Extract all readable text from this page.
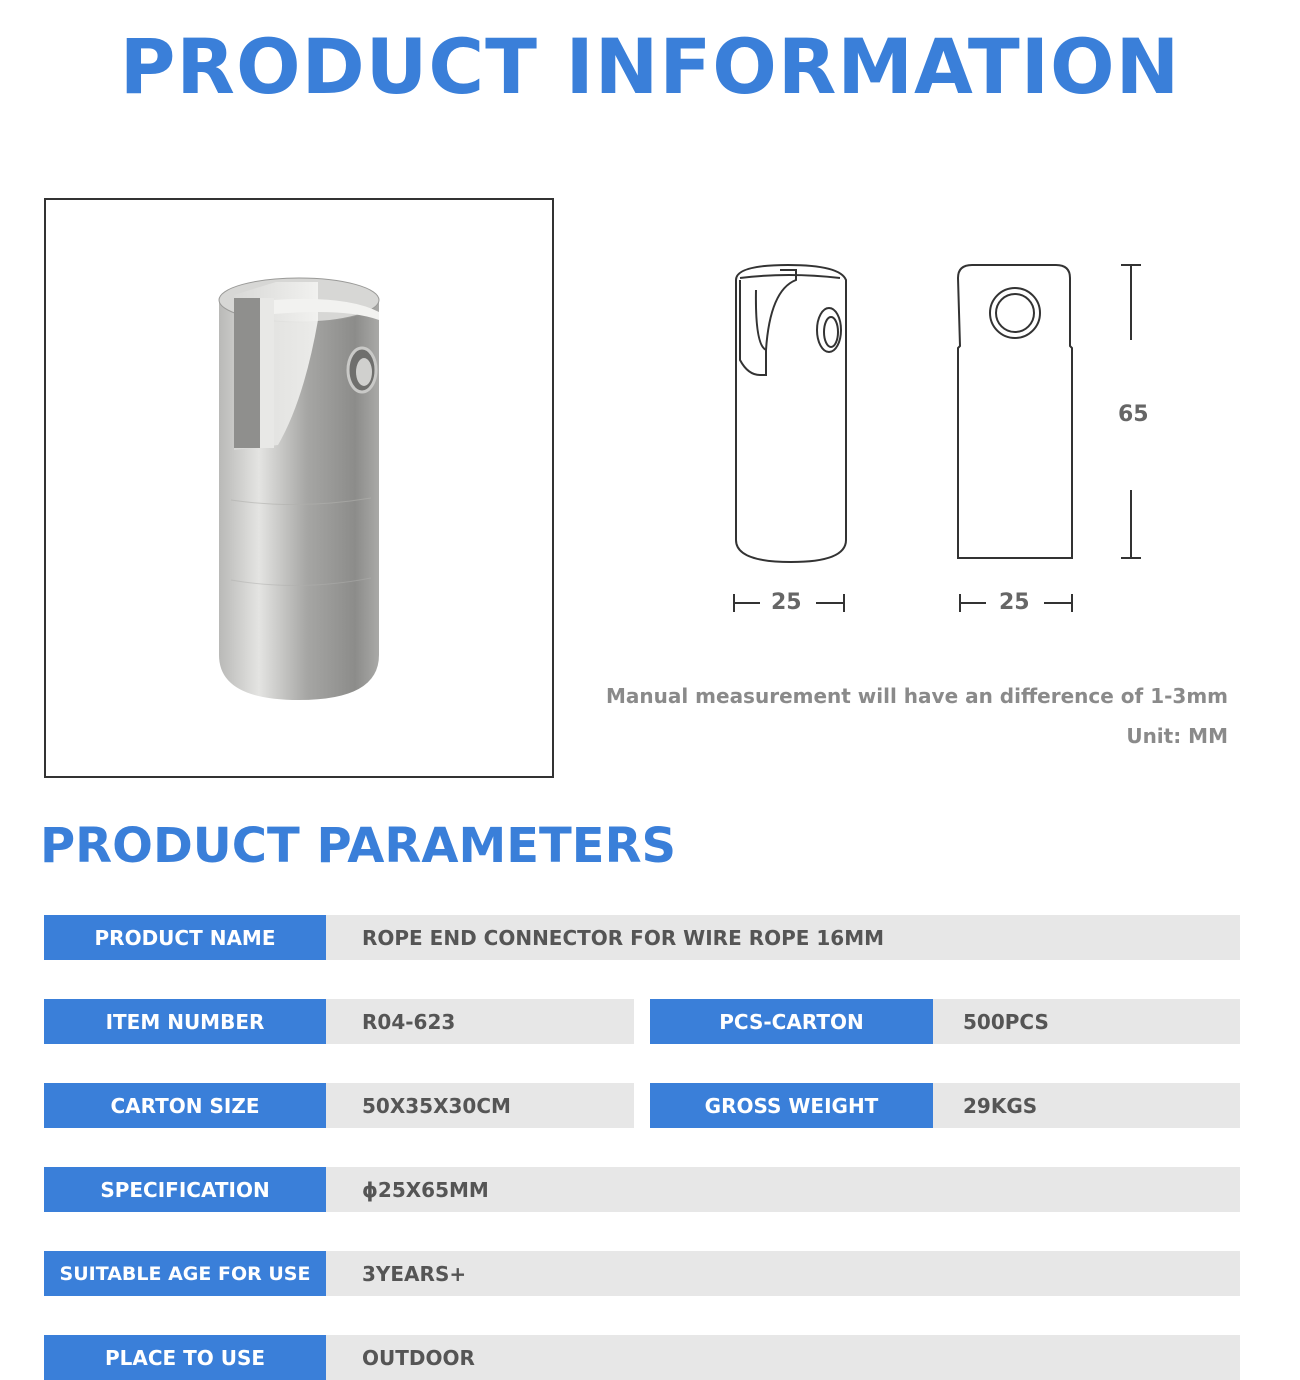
PRODUCT INFORMATION
25	25
65
Manual measurement will have an difference of 1-3mm
Unit: MM
PRODUCT PARAMETERS
PRODUCT NAME	ROPE END CONNECTOR FOR WIRE ROPE 16MM
ITEM NUMBER	R04-623	PCS-CARTON	500PCS
CARTON SIZE	50X35X30CM	GROSS WEIGHT	29KGS
SPECIFICATION	ϕ25X65MM
SUITABLE AGE FOR USE	3YEARS+
PLACE TO USE	OUTDOOR
